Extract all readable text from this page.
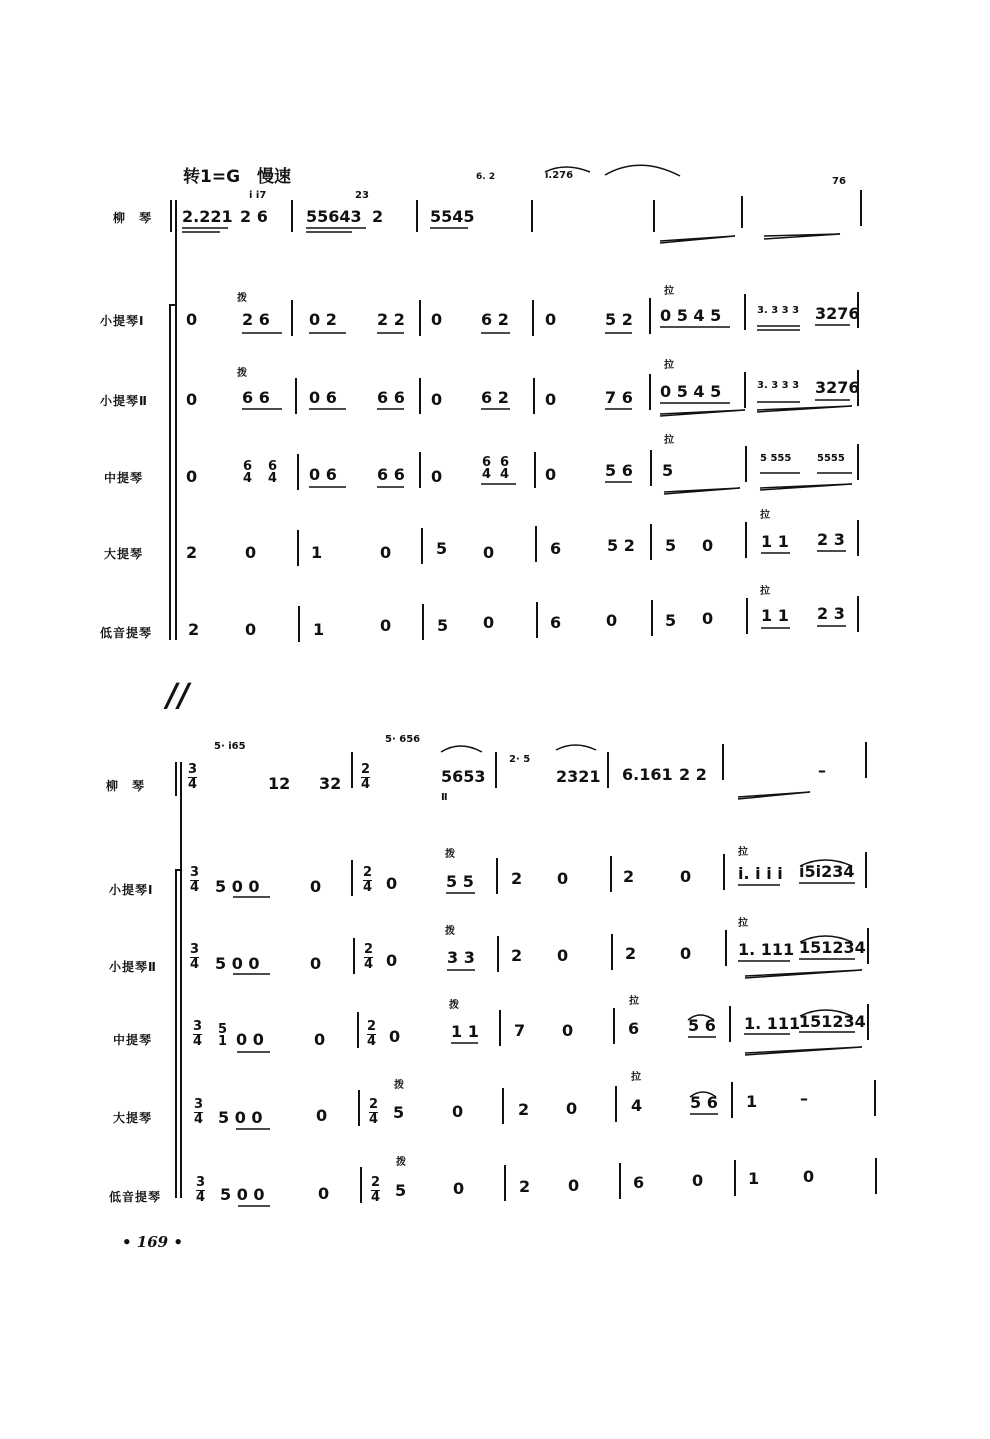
转1=G　慢速
柳　琴
小提琴Ⅰ
小提琴Ⅱ
中提琴
大提琴
低音提琴
6. 2
2.221 2 6
i i7
55643
23
2	5545
i.276
76
拨
拉
0	2 6 0 2	2 2 0 6 2 0	5 2 0 5 4 5	3. 3 3 3 3276
拨
拉
0	6 6 0 6	6 6 0 6 2 0	7 6 0 5 4 5	3. 3 3 3 3276
拉
0
6
4
6
4 0 6	6 6 0
6
4
6
4 0	5 6 5
5 555	5555
拉
2	0	1	0	5 0	6	5 2 5 0	1 1 2 3
拉
2	0	1	0	5 0	6	0	5 0	1 1 2 3
//
柳　琴
小提琴Ⅰ
小提琴Ⅱ
中提琴
大提琴
低音提琴
3
4
3
4
3
4
3
4
3
4
3
4
2
4
2
4
2
4
2
4
2
4
2
4
5· i65
12 32
5· 656
5653
Ⅱ
2· 5
2321 6.161 2 2	–
拨	拉
5 0 0	0	0	5 5 2 0	2	0	i. i i i i5i234
拨
拉
5 0 0	0	0	3 3 2 0	2	0	1. 111 151234
拨	拉
5
1 0 0	0	0	1 1 7 0	6	5 6 1. 111
151234
拨
拉
5 0 0	0	5	0	2 0	4	5 6 1	–
拨
5 0 0	0	5	0	2 0	6	0	1	0
• 169 •
